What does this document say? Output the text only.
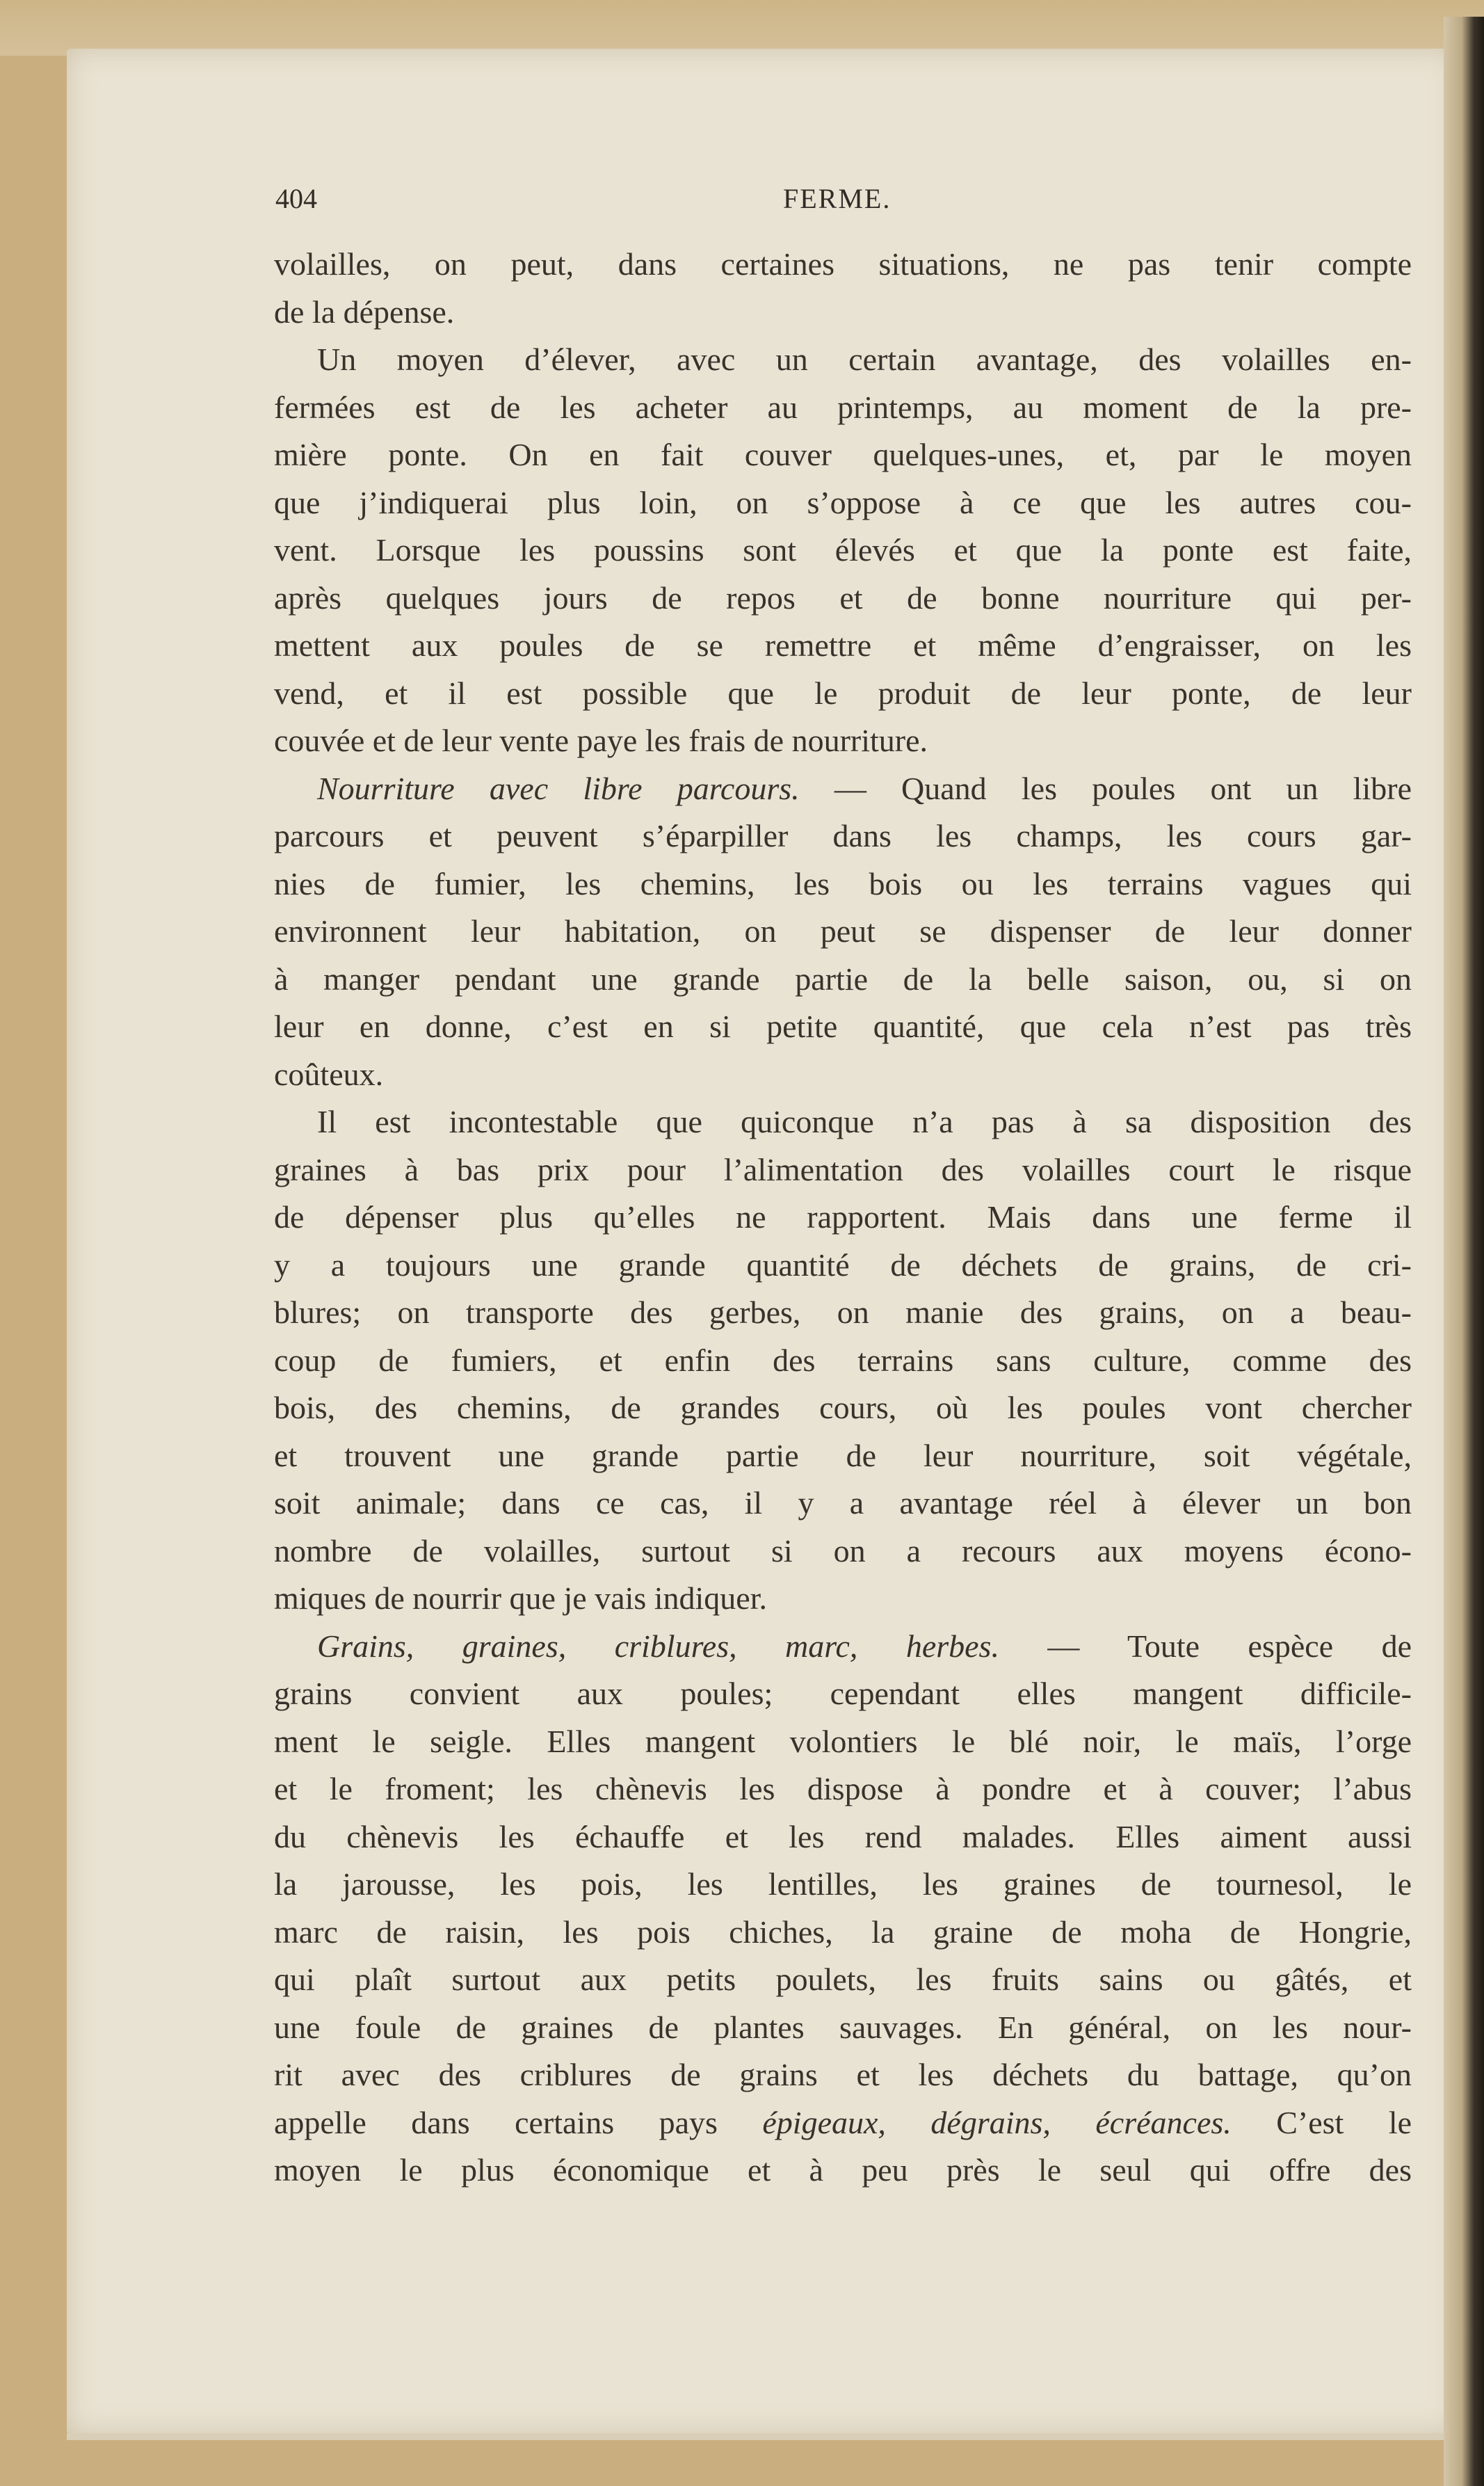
404	FERME.
volailles, on peut, dans certaines situations, ne pas tenir compte
de la dépense.
Un moyen d’élever, avec un certain avantage, des volailles en-
fermées est de les acheter au printemps, au moment de la pre-
mière ponte. On en fait couver quelques-unes, et, par le moyen
que j’indiquerai plus loin, on s’oppose à ce que les autres cou-
vent. Lorsque les poussins sont élevés et que la ponte est faite,
après quelques jours de repos et de bonne nourriture qui per-
mettent aux poules de se remettre et même d’engraisser, on les
vend, et il est possible que le produit de leur ponte, de leur
couvée et de leur vente paye les frais de nourriture.
Nourriture avec libre parcours. — Quand les poules ont un libre
parcours et peuvent s’éparpiller dans les champs, les cours gar-
nies de fumier, les chemins, les bois ou les terrains vagues qui
environnent leur habitation, on peut se dispenser de leur donner
à manger pendant une grande partie de la belle saison, ou, si on
leur en donne, c’est en si petite quantité, que cela n’est pas très
coûteux.
Il est incontestable que quiconque n’a pas à sa disposition des
graines à bas prix pour l’alimentation des volailles court le risque
de dépenser plus qu’elles ne rapportent. Mais dans une ferme il
y a toujours une grande quantité de déchets de grains, de cri-
blures; on transporte des gerbes, on manie des grains, on a beau-
coup de fumiers, et enfin des terrains sans culture, comme des
bois, des chemins, de grandes cours, où les poules vont chercher
et trouvent une grande partie de leur nourriture, soit végétale,
soit animale; dans ce cas, il y a avantage réel à élever un bon
nombre de volailles, surtout si on a recours aux moyens écono-
miques de nourrir que je vais indiquer.
Grains, graines, criblures, marc, herbes. — Toute espèce de
grains convient aux poules; cependant elles mangent difficile-
ment le seigle. Elles mangent volontiers le blé noir, le maïs, l’orge
et le froment; les chènevis les dispose à pondre et à couver; l’abus
du chènevis les échauffe et les rend malades. Elles aiment aussi
la jarousse, les pois, les lentilles, les graines de tournesol, le
marc de raisin, les pois chiches, la graine de moha de Hongrie,
qui plaît surtout aux petits poulets, les fruits sains ou gâtés, et
une foule de graines de plantes sauvages. En général, on les nour-
rit avec des criblures de grains et les déchets du battage, qu’on
appelle dans certains pays épigeaux, dégrains, écréances. C’est le
moyen le plus économique et à peu près le seul qui offre des
